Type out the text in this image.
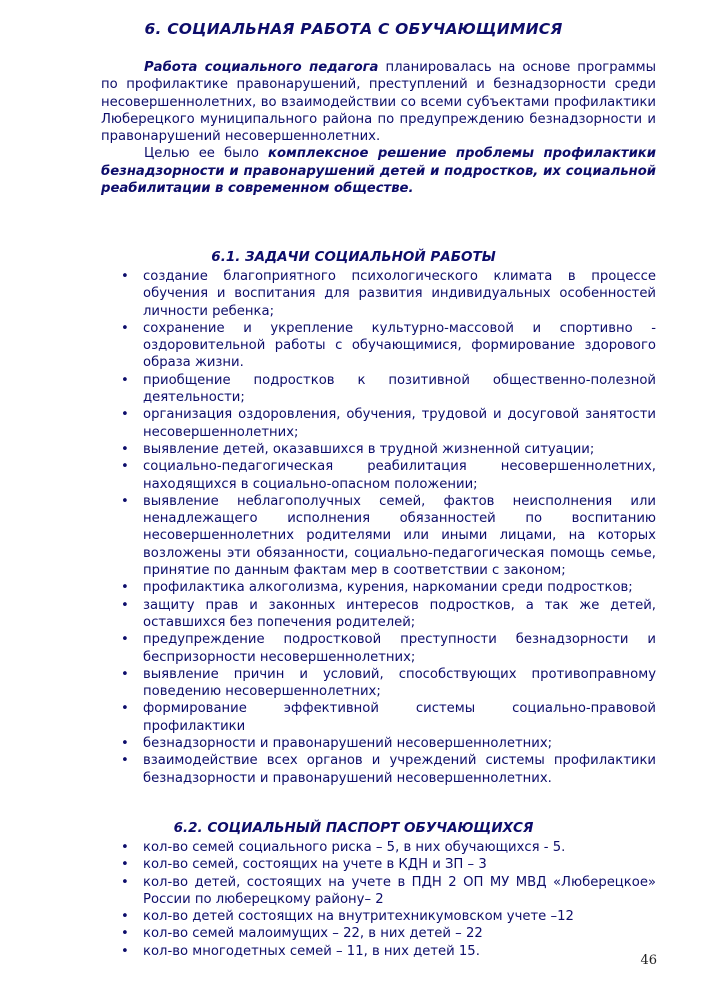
6. СОЦИАЛЬНАЯ РАБОТА С ОБУЧАЮЩИМИСЯ

Работа социального педагога планировалась на основе программы по профилактике правонарушений, преступлений и безнадзорности среди несовершеннолетних, во взаимодействии со всеми субъектами профилактики Люберецкого муниципального района по предупреждению безнадзорности и правонарушений несовершеннолетних.

Целью ее было комплексное решение проблемы профилактики безнадзорности и правонарушений детей и подростков, их социальной реабилитации в современном обществе.

6.1. ЗАДАЧИ СОЦИАЛЬНОЙ РАБОТЫ
• создание благоприятного психологического климата в процессе обучения и воспитания для развития индивидуальных особенностей личности ребенка;
• сохранение и укрепление культурно-массовой и спортивно - оздоровительной работы с обучающимися, формирование здорового образа жизни.
• приобщение подростков к позитивной общественно-полезной деятельности;
• организация оздоровления, обучения, трудовой и досуговой занятости несовершеннолетних;
• выявление детей, оказавшихся в трудной жизненной ситуации;
• социально-педагогическая реабилитация несовершеннолетних, находящихся в социально-опасном положении;
• выявление неблагополучных семей, фактов неисполнения или ненадлежащего исполнения обязанностей по воспитанию несовершеннолетних родителями или иными лицами, на которых возложены эти обязанности, социально-педагогическая помощь семье, принятие по данным фактам мер в соответствии с законом;
• профилактика алкоголизма, курения, наркомании среди подростков;
• защиту прав и законных интересов подростков, а так же детей, оставшихся без попечения родителей;
• предупреждение подростковой преступности безнадзорности и беспризорности несовершеннолетних;
• выявление причин и условий, способствующих противоправному поведению несовершеннолетних;
• формирование эффективной системы социально-правовой профилактики
• безнадзорности и правонарушений несовершеннолетних;
• взаимодействие всех органов и учреждений системы профилактики безнадзорности и правонарушений несовершеннолетних.
6.2. СОЦИАЛЬНЫЙ ПАСПОРТ ОБУЧАЮЩИХСЯ
• кол-во семей социального риска – 5, в них обучающихся - 5.
• кол-во семей, состоящих на учете в КДН и ЗП – 3
• кол-во детей, состоящих на учете в ПДН 2 ОП МУ МВД «Люберецкое» России по люберецкому району– 2
• кол-во детей состоящих на внутритехникумовском учете –12
• кол-во семей малоимущих – 22, в них детей – 22
• кол-во многодетных семей – 11, в них детей 15.
46
